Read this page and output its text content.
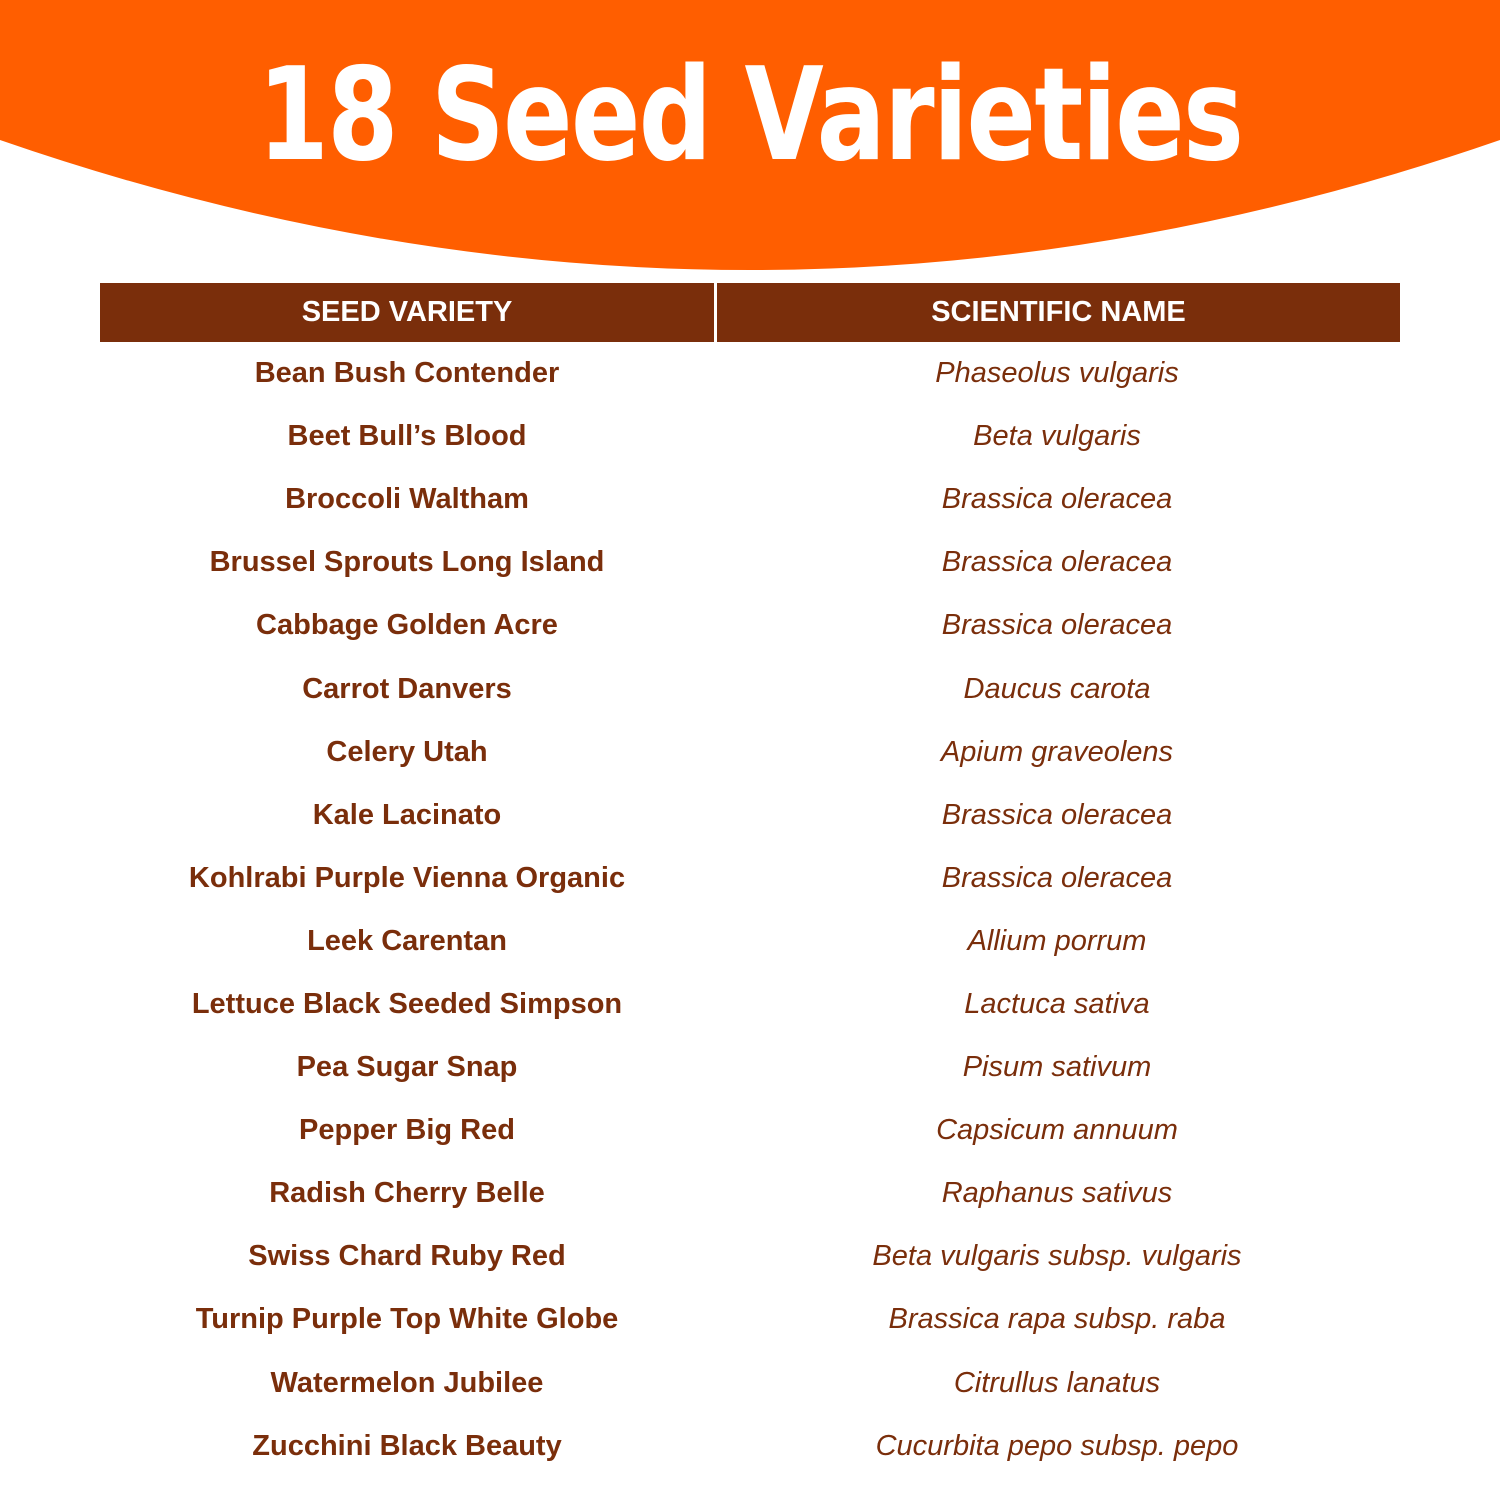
18 Seed Varieties
SEED VARIETY	SCIENTIFIC NAME
Bean Bush Contender	Phaseolus vulgaris
Beet Bull’s Blood	Beta vulgaris
Broccoli Waltham	Brassica oleracea
Brussel Sprouts Long Island	Brassica oleracea
Cabbage Golden Acre	Brassica oleracea
Carrot Danvers	Daucus carota
Celery Utah	Apium graveolens
Kale Lacinato	Brassica oleracea
Kohlrabi Purple Vienna Organic	Brassica oleracea
Leek Carentan	Allium porrum
Lettuce Black Seeded Simpson	Lactuca sativa
Pea Sugar Snap	Pisum sativum
Pepper Big Red	Capsicum annuum
Radish Cherry Belle	Raphanus sativus
Swiss Chard Ruby Red	Beta vulgaris subsp. vulgaris
Turnip Purple Top White Globe	Brassica rapa subsp. raba
Watermelon Jubilee	Citrullus lanatus
Zucchini Black Beauty	Cucurbita pepo subsp. pepo
